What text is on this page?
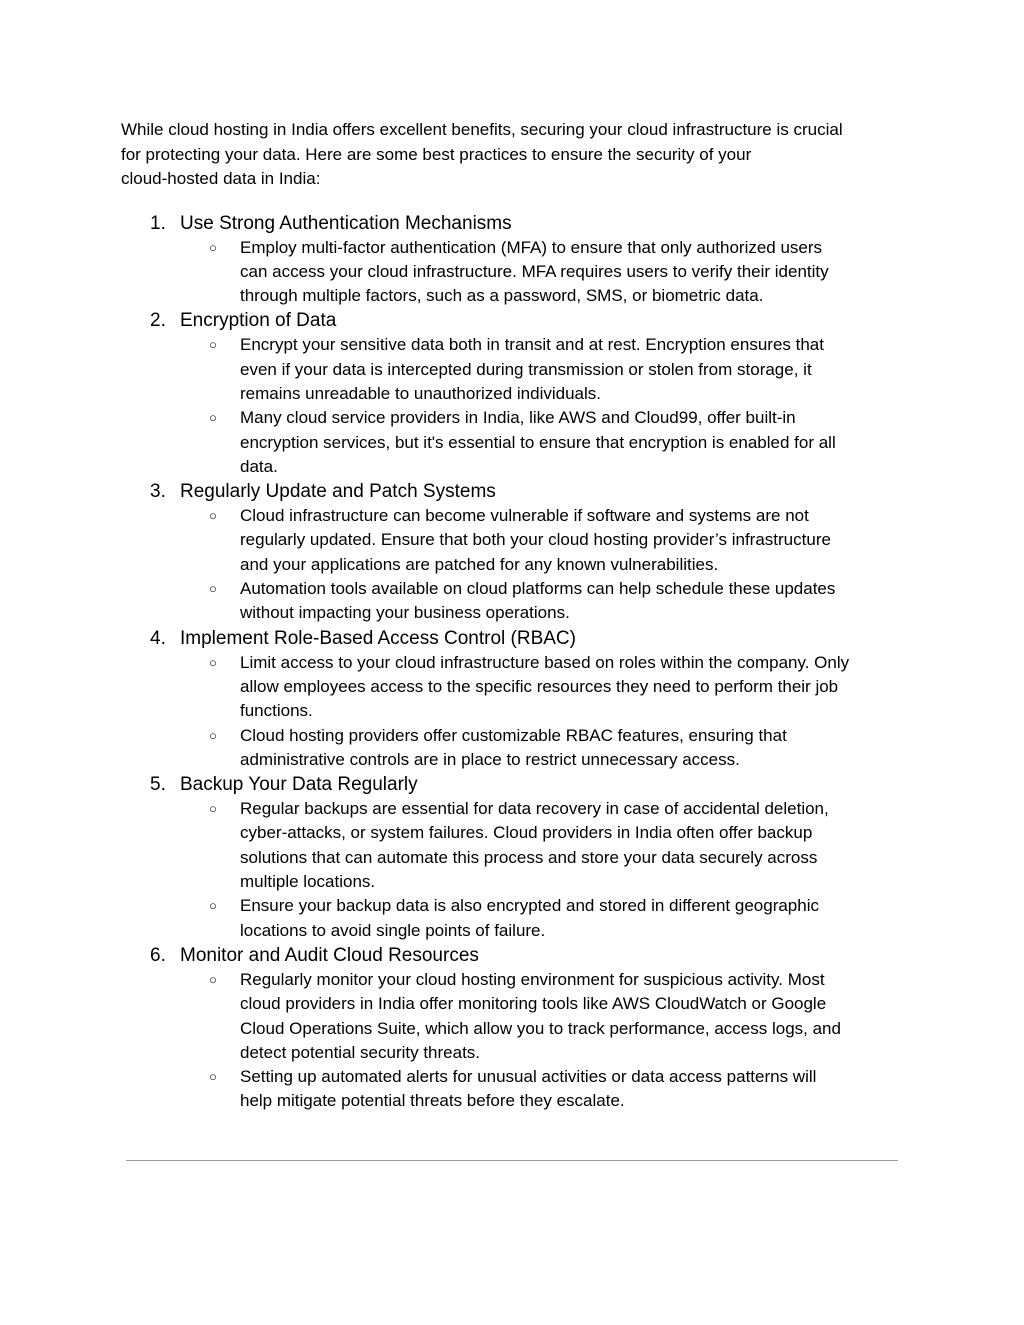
While cloud hosting in India offers excellent benefits, securing your cloud infrastructure is crucial
for protecting your data. Here are some best practices to ensure the security of your
cloud-hosted data in India:

1. Use Strong Authentication Mechanisms

○ Employ multi-factor authentication (MFA) to ensure that only authorized users
can access your cloud infrastructure. MFA requires users to verify their identity
through multiple factors, such as a password, SMS, or biometric data.
2. Encryption of Data

○ Encrypt your sensitive data both in transit and at rest. Encryption ensures that
even if your data is intercepted during transmission or stolen from storage, it
remains unreadable to unauthorized individuals.
○ Many cloud service providers in India, like AWS and Cloud99, offer built-in
encryption services, but it's essential to ensure that encryption is enabled for all
data.
3. Regularly Update and Patch Systems

○ Cloud infrastructure can become vulnerable if software and systems are not
regularly updated. Ensure that both your cloud hosting provider’s infrastructure
and your applications are patched for any known vulnerabilities.
○ Automation tools available on cloud platforms can help schedule these updates
without impacting your business operations.
4. Implement Role-Based Access Control (RBAC)

○ Limit access to your cloud infrastructure based on roles within the company. Only
allow employees access to the specific resources they need to perform their job
functions.
○ Cloud hosting providers offer customizable RBAC features, ensuring that
administrative controls are in place to restrict unnecessary access.
5. Backup Your Data Regularly

○ Regular backups are essential for data recovery in case of accidental deletion,
cyber-attacks, or system failures. Cloud providers in India often offer backup
solutions that can automate this process and store your data securely across
multiple locations.
○ Ensure your backup data is also encrypted and stored in different geographic
locations to avoid single points of failure.
6. Monitor and Audit Cloud Resources

○ Regularly monitor your cloud hosting environment for suspicious activity. Most
cloud providers in India offer monitoring tools like AWS CloudWatch or Google
Cloud Operations Suite, which allow you to track performance, access logs, and
detect potential security threats.
○ Setting up automated alerts for unusual activities or data access patterns will
help mitigate potential threats before they escalate.
